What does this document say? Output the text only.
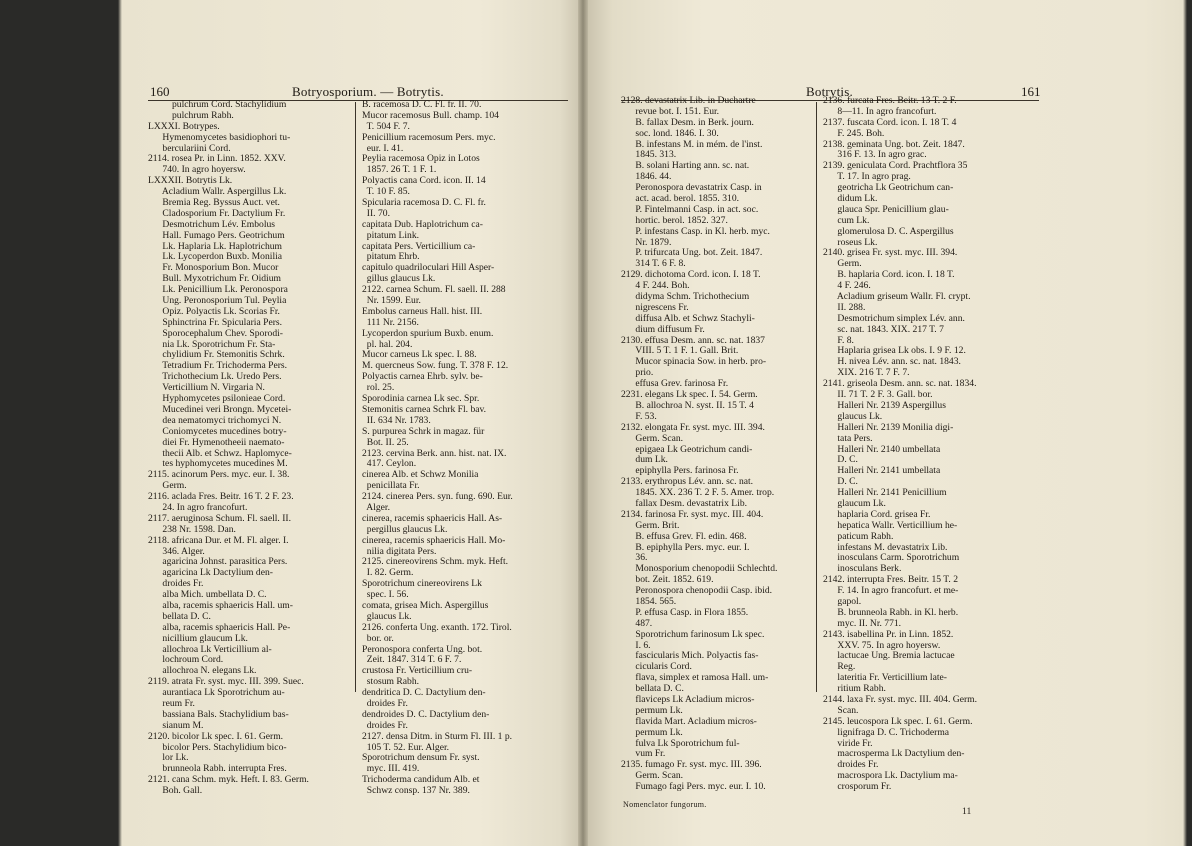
160	Botryosporium. — Botrytis.
pulchrum Cord. Stachylidium
pulchrum Rabh.
LXXXI. Botrypes.
Hymenomycetes basidiophori tu-
berculariini Cord.
2114. rosea Pr. in Linn. 1852. XXV.
740. In agro hoyersw.
LXXXII. Botrytis Lk.
Acladium Wallr. Aspergillus Lk.
Bremia Reg. Byssus Auct. vet.
Cladosporium Fr. Dactylium Fr.
Desmotrichum Lév. Embolus
Hall. Fumago Pers. Geotrichum
Lk. Haplaria Lk. Haplotrichum
Lk. Lycoperdon Buxb. Monilia
Fr. Monosporium Bon. Mucor
Bull. Myxotrichum Fr. Oidium
Lk. Penicillium Lk. Peronospora
Ung. Peronosporium Tul. Peylia
Opiz. Polyactis Lk. Scorias Fr.
Sphinctrina Fr. Spicularia Pers.
Sporocephalum Chev. Sporodi-
nia Lk. Sporotrichum Fr. Sta-
chylidium Fr. Stemonitis Schrk.
Tetradium Fr. Trichoderma Pers.
Trichothecium Lk. Uredo Pers.
Verticillium N. Virgaria N.
Hyphomycetes psilonieae Cord.
Mucedinei veri Brongn. Mycetei-
dea nematomyci trichomyci N.
Coniomycetes mucedines botry-
diei Fr. Hymenotheeii naemato-
thecii Alb. et Schwz. Haplomyce-
tes hyphomycetes mucedines M.
2115. acinorum Pers. myc. eur. I. 38.
Germ.
2116. aclada Fres. Beitr. 16 T. 2 F. 23.
24. In agro francofurt.
2117. aeruginosa Schum. Fl. saell. II.
238 Nr. 1598. Dan.
2118. africana Dur. et M. Fl. alger. I.
346. Alger.
agaricina Johnst. parasitica Pers.
agaricina Lk Dactylium den-
droides Fr.
alba Mich. umbellata D. C.
alba, racemis sphaericis Hall. um-
bellata D. C.
alba, racemis sphaericis Hall. Pe-
nicillium glaucum Lk.
allochroa Lk Verticillium al-
lochroum Cord.
allochroa N. elegans Lk.
2119. atrata Fr. syst. myc. III. 399. Suec.
aurantiaca Lk Sporotrichum au-
reum Fr.
bassiana Bals. Stachylidium bas-
sianum M.
2120. bicolor Lk spec. I. 61. Germ.
bicolor Pers. Stachylidium bico-
lor Lk.
brunneola Rabh. interrupta Fres.
2121. cana Schm. myk. Heft. I. 83. Germ.
Boh. Gall.
B. racemosa D. C. Fl. fr. II. 70.
Mucor racemosus Bull. champ. 104
T. 504 F. 7.
Penicillium racemosum Pers. myc.
eur. I. 41.
Peylia racemosa Opiz in Lotos
1857. 26 T. 1 F. 1.
Polyactis cana Cord. icon. II. 14
T. 10 F. 85.
Spicularia racemosa D. C. Fl. fr.
II. 70.
capitata Dub. Haplotrichum ca-
pitatum Link.
capitata Pers. Verticillium ca-
pitatum Ehrb.
capitulo quadriloculari Hill Asper-
gillus glaucus Lk.
2122. carnea Schum. Fl. saell. II. 288
Nr. 1599. Eur.
Embolus carneus Hall. hist. III.
111 Nr. 2156.
Lycoperdon spurium Buxb. enum.
pl. hal. 204.
Mucor carneus Lk spec. I. 88.
M. quercneus Sow. fung. T. 378 F. 12.
Polyactis carnea Ehrb. sylv. be-
rol. 25.
Sporodinia carnea Lk sec. Spr.
Stemonitis carnea Schrk Fl. bav.
II. 634 Nr. 1783.
S. purpurea Schrk in magaz. für
Bot. II. 25.
2123. cervina Berk. ann. hist. nat. IX.
417. Ceylon.
cinerea Alb. et Schwz Monilia
penicillata Fr.
2124. cinerea Pers. syn. fung. 690. Eur.
Alger.
cinerea, racemis sphaericis Hall. As-
pergillus glaucus Lk.
cinerea, racemis sphaericis Hall. Mo-
nilia digitata Pers.
2125. cinereovirens Schm. myk. Heft.
I. 82. Germ.
Sporotrichum cinereovirens Lk
spec. I. 56.
comata, grisea Mich. Aspergillus
glaucus Lk.
2126. conferta Ung. exanth. 172. Tirol.
bor. or.
Peronospora conferta Ung. bot.
Zeit. 1847. 314 T. 6 F. 7.
crustosa Fr. Verticillium cru-
stosum Rabh.
dendritica D. C. Dactylium den-
droides Fr.
dendroides D. C. Dactylium den-
droides Fr.
2127. densa Ditm. in Sturm Fl. III. 1 p.
105 T. 52. Eur. Alger.
Sporotrichum densum Fr. syst.
myc. III. 419.
Trichoderma candidum Alb. et
Schwz consp. 137 Nr. 389.
Botrytis.	161
2128. devastatrix Lib. in Duchartre
revue bot. I. 151. Eur.
B. fallax Desm. in Berk. journ.
soc. lond. 1846. I. 30.
B. infestans M. in mém. de l'inst.
1845. 313.
B. solani Harting ann. sc. nat.
1846. 44.
Peronospora devastatrix Casp. in
act. acad. berol. 1855. 310.
P. Fintelmanni Casp. in act. soc.
hortic. berol. 1852. 327.
P. infestans Casp. in Kl. herb. myc.
Nr. 1879.
P. trifurcata Ung. bot. Zeit. 1847.
314 T. 6 F. 8.
2129. dichotoma Cord. icon. I. 18 T.
4 F. 244. Boh.
didyma Schm. Trichothecium
nigrescens Fr.
diffusa Alb. et Schwz Stachyli-
dium diffusum Fr.
2130. effusa Desm. ann. sc. nat. 1837
VIII. 5 T. 1 F. 1. Gall. Brit.
Mucor spinacia Sow. in herb. pro-
prio.
effusa Grev. farinosa Fr.
2231. elegans Lk spec. I. 54. Germ.
B. allochroa N. syst. II. 15 T. 4
F. 53.
2132. elongata Fr. syst. myc. III. 394.
Germ. Scan.
epigaea Lk Geotrichum candi-
dum Lk.
epiphylla Pers. farinosa Fr.
2133. erythropus Lév. ann. sc. nat.
1845. XX. 236 T. 2 F. 5. Amer. trop.
fallax Desm. devastatrix Lib.
2134. farinosa Fr. syst. myc. III. 404.
Germ. Brit.
B. effusa Grev. Fl. edin. 468.
B. epiphylla Pers. myc. eur. I.
36.
Monosporium chenopodii Schlechtd.
bot. Zeit. 1852. 619.
Peronospora chenopodii Casp. ibid.
1854. 565.
P. effusa Casp. in Flora 1855.
487.
Sporotrichum farinosum Lk spec.
I. 6.
fascicularis Mich. Polyactis fas-
cicularis Cord.
flava, simplex et ramosa Hall. um-
bellata D. C.
flaviceps Lk Acladium micros-
permum Lk.
flavida Mart. Acladium micros-
permum Lk.
fulva Lk Sporotrichum ful-
vum Fr.
2135. fumago Fr. syst. myc. III. 396.
Germ. Scan.
Fumago fagi Pers. myc. eur. I. 10.
2136. furcata Fres. Beitr. 13 T. 2 F.
8—11. In agro francofurt.
2137. fuscata Cord. icon. I. 18 T. 4
F. 245. Boh.
2138. geminata Ung. bot. Zeit. 1847.
316 F. 13. In agro grac.
2139. geniculata Cord. Prachtflora 35
T. 17. In agro prag.
geotricha Lk Geotrichum can-
didum Lk.
glauca Spr. Penicillium glau-
cum Lk.
glomerulosa D. C. Aspergillus
roseus Lk.
2140. grisea Fr. syst. myc. III. 394.
Germ.
B. haplaria Cord. icon. I. 18 T.
4 F. 246.
Acladium griseum Wallr. Fl. crypt.
II. 288.
Desmotrichum simplex Lév. ann.
sc. nat. 1843. XIX. 217 T. 7
F. 8.
Haplaria grisea Lk obs. I. 9 F. 12.
H. nivea Lév. ann. sc. nat. 1843.
XIX. 216 T. 7 F. 7.
2141. griseola Desm. ann. sc. nat. 1834.
II. 71 T. 2 F. 3. Gall. bor.
Halleri Nr. 2139 Aspergillus
glaucus Lk.
Halleri Nr. 2139 Monilia digi-
tata Pers.
Halleri Nr. 2140 umbellata
D. C.
Halleri Nr. 2141 umbellata
D. C.
Halleri Nr. 2141 Penicillium
glaucum Lk.
haplaria Cord. grisea Fr.
hepatica Wallr. Verticillium he-
paticum Rabh.
infestans M. devastatrix Lib.
inosculans Carm. Sporotrichum
inosculans Berk.
2142. interrupta Fres. Beitr. 15 T. 2
F. 14. In agro francofurt. et me-
gapol.
B. brunneola Rabh. in Kl. herb.
myc. II. Nr. 771.
2143. isabellina Pr. in Linn. 1852.
XXV. 75. In agro hoyersw.
lactucae Ung. Bremia lactucae
Reg.
lateritia Fr. Verticillium late-
ritium Rabh.
2144. laxa Fr. syst. myc. III. 404. Germ.
Scan.
2145. leucospora Lk spec. I. 61. Germ.
lignifraga D. C. Trichoderma
viride Fr.
macrosperma Lk Dactylium den-
droides Fr.
macrospora Lk. Dactylium ma-
crosporum Fr.
Nomenclator fungorum.
11
